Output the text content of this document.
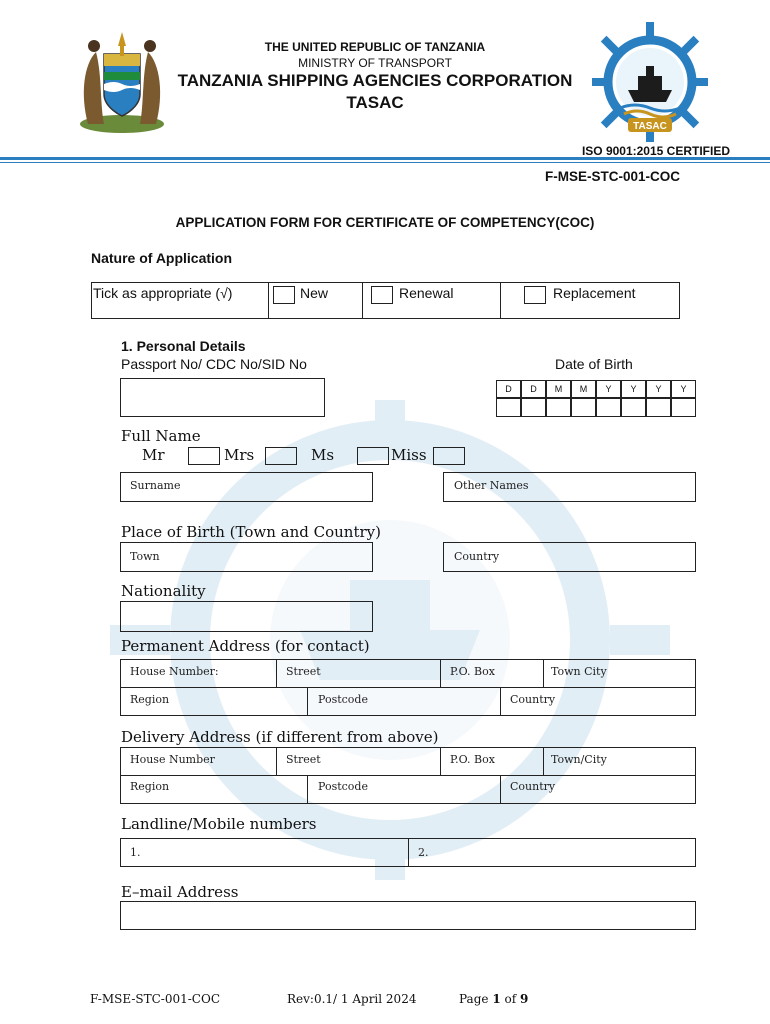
THE UNITED REPUBLIC OF TANZANIA
MINISTRY OF TRANSPORT
TANZANIA SHIPPING AGENCIES CORPORATION
TASAC
TASAC
ISO 9001:2015 CERTIFIED
F-MSE-STC-001-COC
APPLICATION FORM FOR CERTIFICATE OF COMPETENCY(COC)
Nature of Application
Tick as appropriate (√)	New	Renewal	Replacement
1. Personal Details
Passport No/ CDC No/SID No	Date of Birth
D	D	M	M	Y	Y	Y	Y
Full Name
Mr	Mrs	Ms	Miss
Surname	Other Names
Place of Birth (Town and Country)
Town	Country
Nationality
Permanent Address (for contact)
House Number:	Street	P.O. Box	Town City
Region	Postcode	Country
Delivery Address (if different from above)
House Number	Street	P.O. Box	Town/City
Region	Postcode	Country
Landline/Mobile numbers
1.	2.
E–mail Address
F-MSE-STC-001-COC	Rev:0.1/ 1 April 2024	Page 1 of 9
